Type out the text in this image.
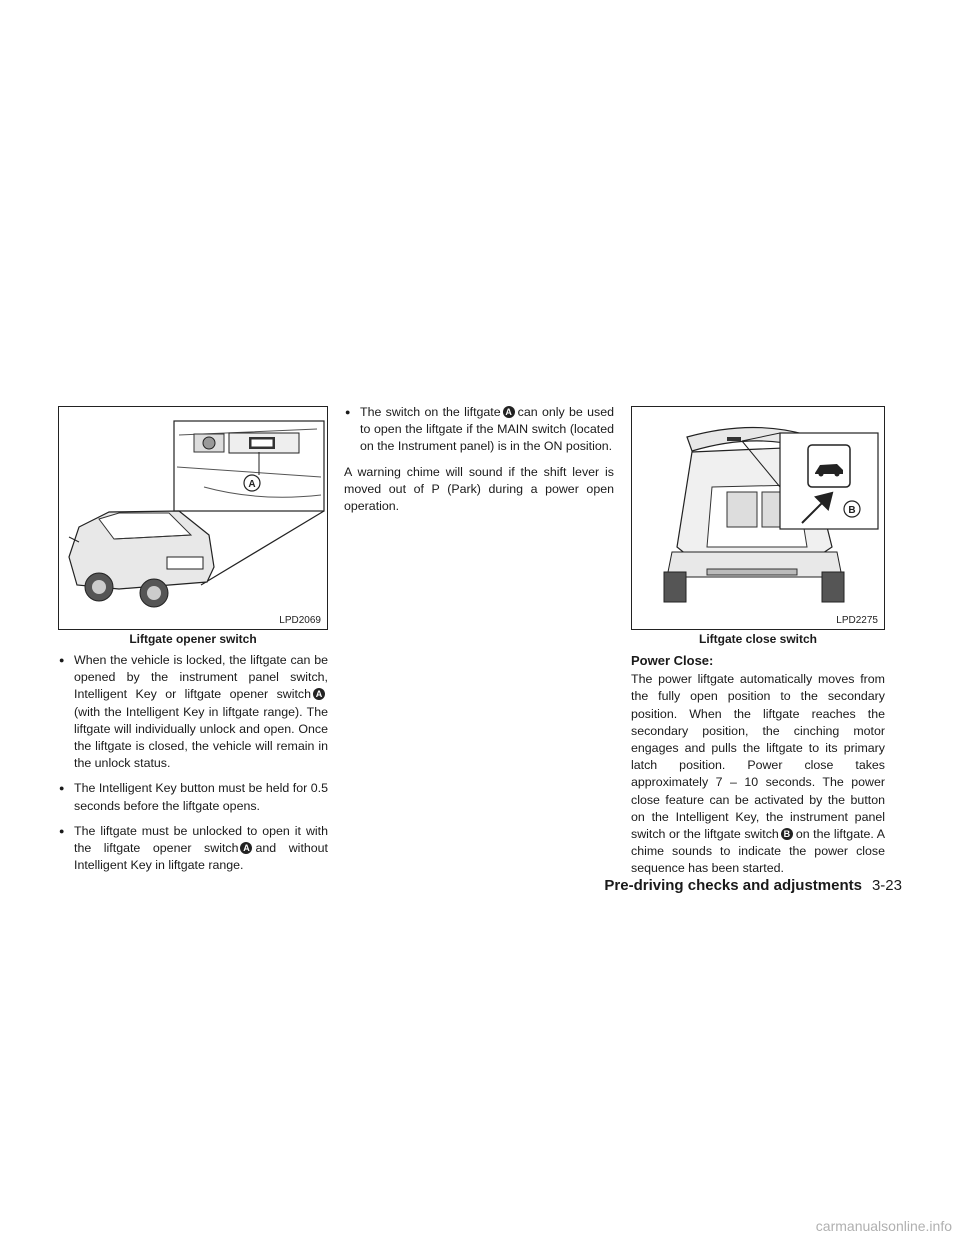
A
LPD2069
Liftgate opener switch
B
LPD2275
Liftgate close switch
● When the vehicle is locked, the liftgate can be opened by the instrument panel switch, Intelligent Key or liftgate opener switch A(with the Intelligent Key in liftgate range). The liftgate will individually unlock and open. Once the liftgate is closed, the vehicle will remain in the unlock status.
● The Intelligent Key button must be held for 0.5 seconds before the liftgate opens.
● The liftgate must be unlocked to open it with the liftgate opener switch A and without Intelligent Key in liftgate range.
● The switch on the liftgate A can only be used to open the liftgate if the MAIN switch (located on the Instrument panel) is in the ON position.

A warning chime will sound if the shift lever is moved out of P (Park) during a power open operation.

Power Close:

The power liftgate automatically moves from the fully open position to the secondary position. When the liftgate reaches the secondary position, the cinching motor engages and pulls the liftgate to its primary latch position. Power close takes approximately 7 – 10 seconds. The power close feature can be activated by the button on the Intelligent Key, the instrument panel switch or the liftgate switch B on the liftgate. A chime sounds to indicate the power close sequence has been started.

Pre-driving checks and adjustments 3-23
carmanualsonline.info
